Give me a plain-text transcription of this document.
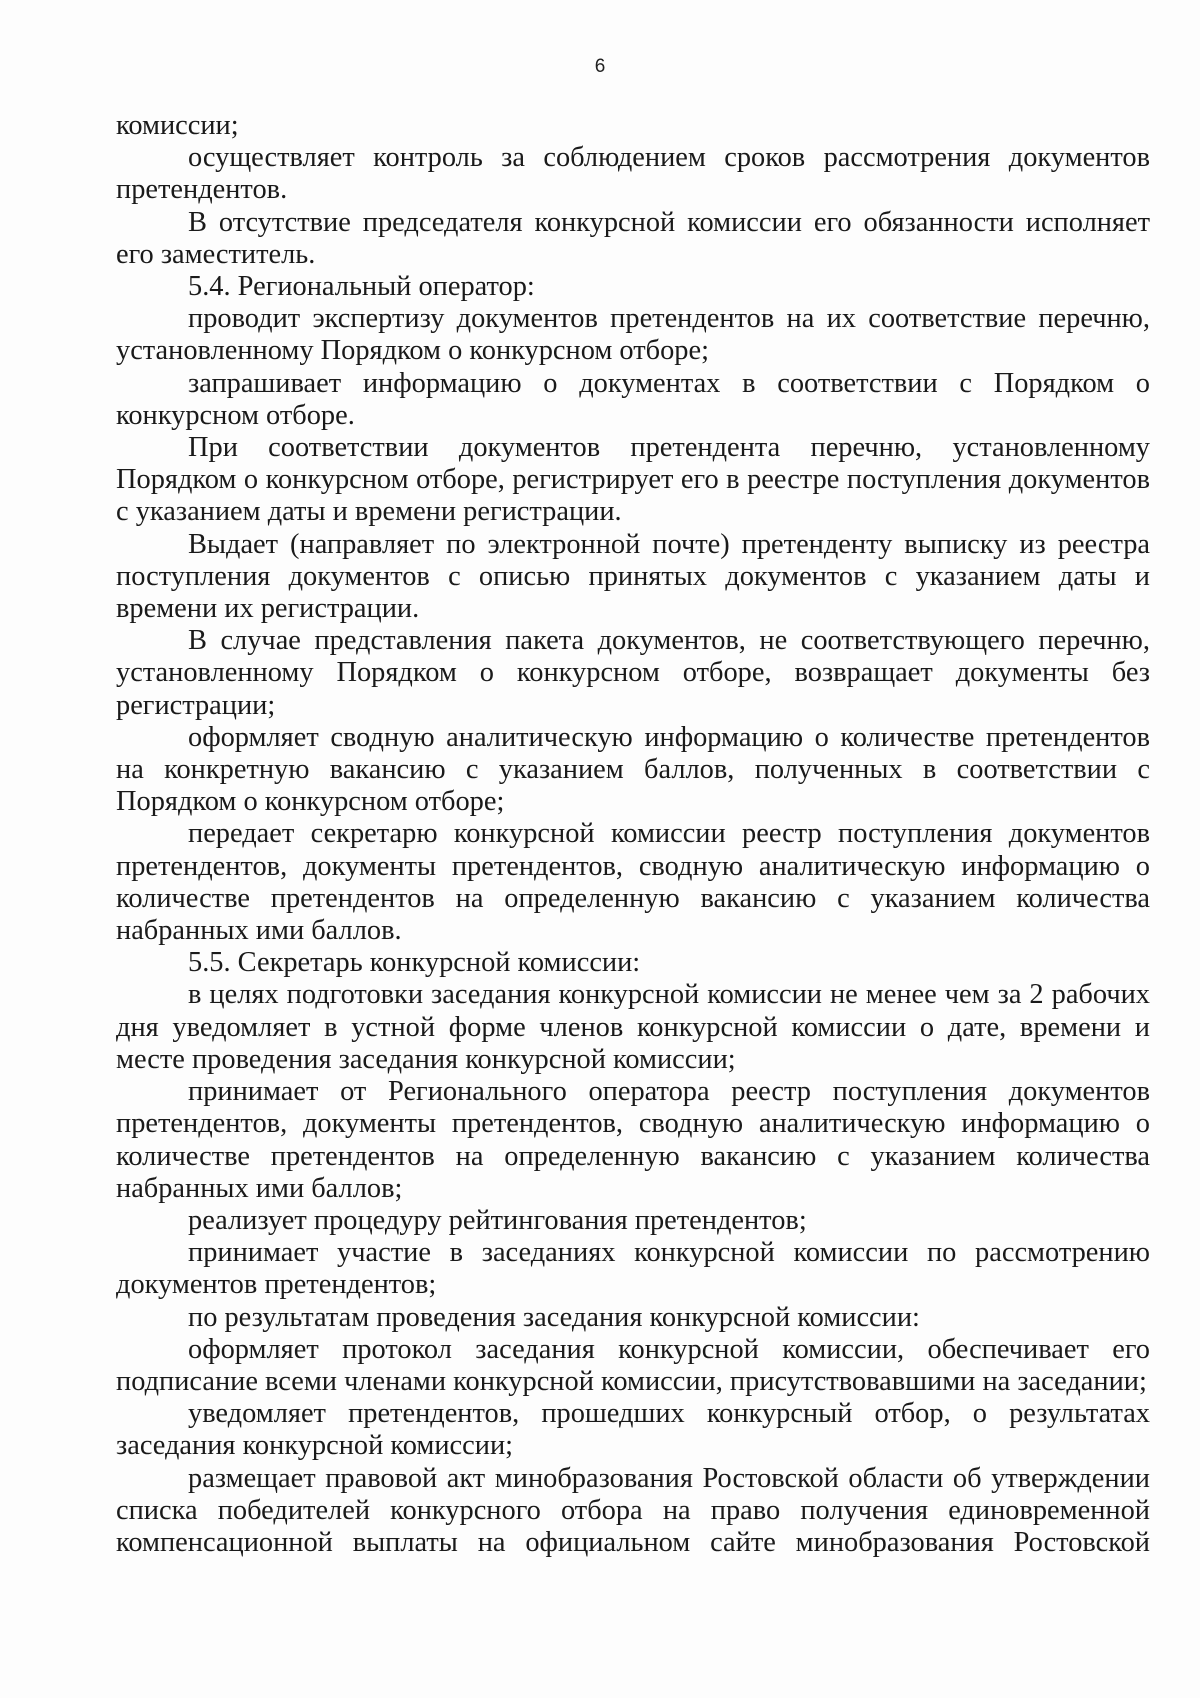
6

комиссии;

осуществляет контроль за соблюдением сроков рассмотрения документов претендентов.

В отсутствие председателя конкурсной комиссии его обязанности исполняет его заместитель.

5.4. Региональный оператор:

проводит экспертизу документов претендентов на их соответствие перечню, установленному Порядком о конкурсном отборе;

запрашивает информацию о документах в соответствии с Порядком о конкурсном отборе.

При соответствии документов претендента перечню, установленному Порядком о конкурсном отборе, регистрирует его в реестре поступления документов с указанием даты и времени регистрации.

Выдает (направляет по электронной почте) претенденту выписку из реестра поступления документов с описью принятых документов с указанием даты и времени их регистрации.

В случае представления пакета документов, не соответствующего перечню, установленному Порядком о конкурсном отборе, возвращает документы без регистрации;

оформляет сводную аналитическую информацию о количестве претендентов на конкретную вакансию с указанием баллов, полученных в соответствии с Порядком о конкурсном отборе;

передает секретарю конкурсной комиссии реестр поступления документов претендентов, документы претендентов, сводную аналитическую информацию о количестве претендентов на определенную вакансию с указанием количества набранных ими баллов.

5.5. Секретарь конкурсной комиссии:

в целях подготовки заседания конкурсной комиссии не менее чем за 2 рабочих дня уведомляет в устной форме членов конкурсной комиссии о дате, времени и месте проведения заседания конкурсной комиссии;

принимает от Регионального оператора реестр поступления документов претендентов, документы претендентов, сводную аналитическую информацию о количестве претендентов на определенную вакансию с указанием количества набранных ими баллов;

реализует процедуру рейтингования претендентов;

принимает участие в заседаниях конкурсной комиссии по рассмотрению документов претендентов;

по результатам проведения заседания конкурсной комиссии:

оформляет протокол заседания конкурсной комиссии, обеспечивает его подписание всеми членами конкурсной комиссии, присутствовавшими на заседании;

уведомляет претендентов, прошедших конкурсный отбор, о результатах заседания конкурсной комиссии;

размещает правовой акт минобразования Ростовской области об утверждении списка победителей конкурсного отбора на право получения единовременной компенсационной выплаты на официальном сайте минобразования Ростовской
